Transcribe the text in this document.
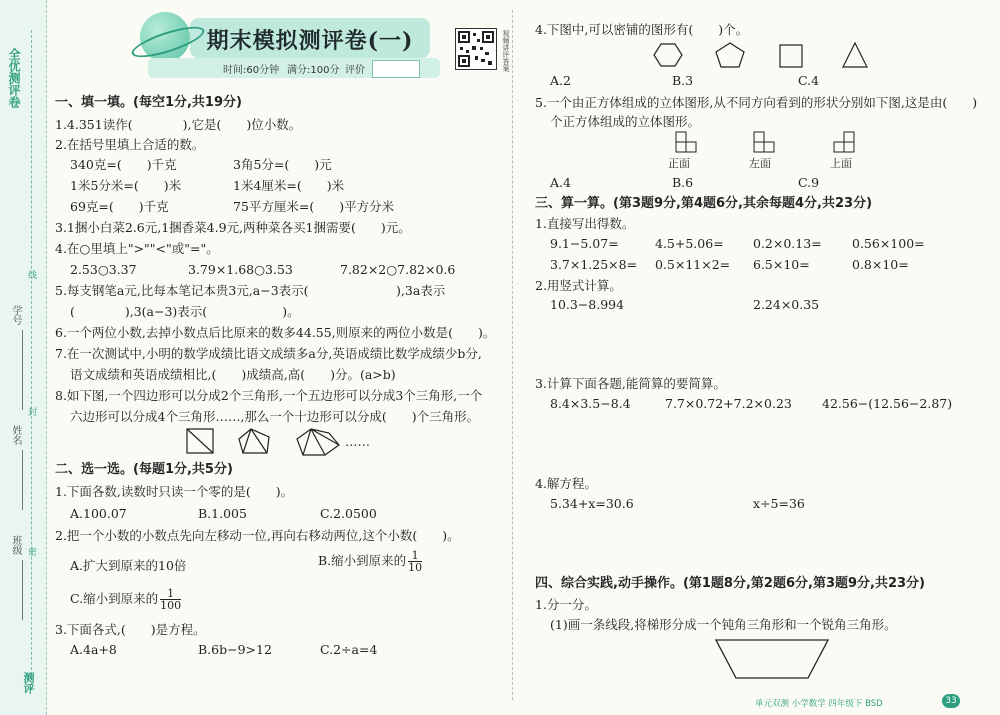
全优测评卷
学号
姓名
班级
线
封
密
测评
期末模拟测评卷(一)
时间:60分钟 满分:100分 评价	视频讲评答案
一、填一填。(每空1分,共19分)
1.4.351读作(　　　　),它是(　　)位小数。
2.在括号里填上合适的数。
340克=(　　)千克	3角5分=(　　)元
1米5分米=(　　)米	1米4厘米=(　　)米
69克=(　　)千克	75平方厘米=(　　)平方分米
3.1捆小白菜2.6元,1捆香菜4.9元,两种菜各买1捆需要(　　)元。
4.在○里填上">""<"或"="。
2.53○3.37	3.79×1.68○3.53	7.82×2○7.82×0.6
5.每支钢笔a元,比每本笔记本贵3元,a−3表示(　　　　　　　),3a表示
(　　　　),3(a−3)表示(　　　　　　)。
6.一个两位小数,去掉小数点后比原来的数多44.55,则原来的两位小数是(　　)。
7.在一次测试中,小明的数学成绩比语文成绩多a分,英语成绩比数学成绩少b分,
语文成绩和英语成绩相比,(　　)成绩高,高(　　)分。(a>b)
8.如下图,一个四边形可以分成2个三角形,一个五边形可以分成3个三角形,一个
六边形可以分成4个三角形……,那么一个十边形可以分成(　　)个三角形。
……
二、选一选。(每题1分,共5分)
1.下面各数,读数时只读一个零的是(　　)。
A.100.07	B.1.005	C.2.0500
2.把一个小数的小数点先向左移动一位,再向右移动两位,这个小数(　　)。
A.扩大到原来的10倍	B.缩小到原来的 $\frac{1}{10}$
C.缩小到原来的 $\frac{1}{100}$
3.下面各式,(　　)是方程。
A.4a+8	B.6b−9>12	C.2÷a=4
4.下图中,可以密铺的图形有(　　)个。
A.2	B.3	C.4
5.一个由正方体组成的立体图形,从不同方向看到的形状分别如下图,这是由(　　)
个正方体组成的立体图形。
正面	左面	上面
A.4	B.6	C.9
三、算一算。(第3题9分,第4题6分,其余每题4分,共23分)
1.直接写出得数。
9.1−5.07=	4.5+5.06= 0.2×0.13= 0.56×100=
3.7×1.25×8= 0.5×11×2= 6.5×10=	0.8×10=
2.用竖式计算。
10.3−8.994	2.24×0.35
3.计算下面各题,能简算的要简算。
8.4×3.5−8.4	7.7×0.72+7.2×0.23 42.56−(12.56−2.87)
4.解方程。
5.34+x=30.6	x÷5=36
四、综合实践,动手操作。(第1题8分,第2题6分,第3题9分,共23分)
1.分一分。
(1)画一条线段,将梯形分成一个钝角三角形和一个锐角三角形。
单元双测 小学数学 四年级下 BSD	33
